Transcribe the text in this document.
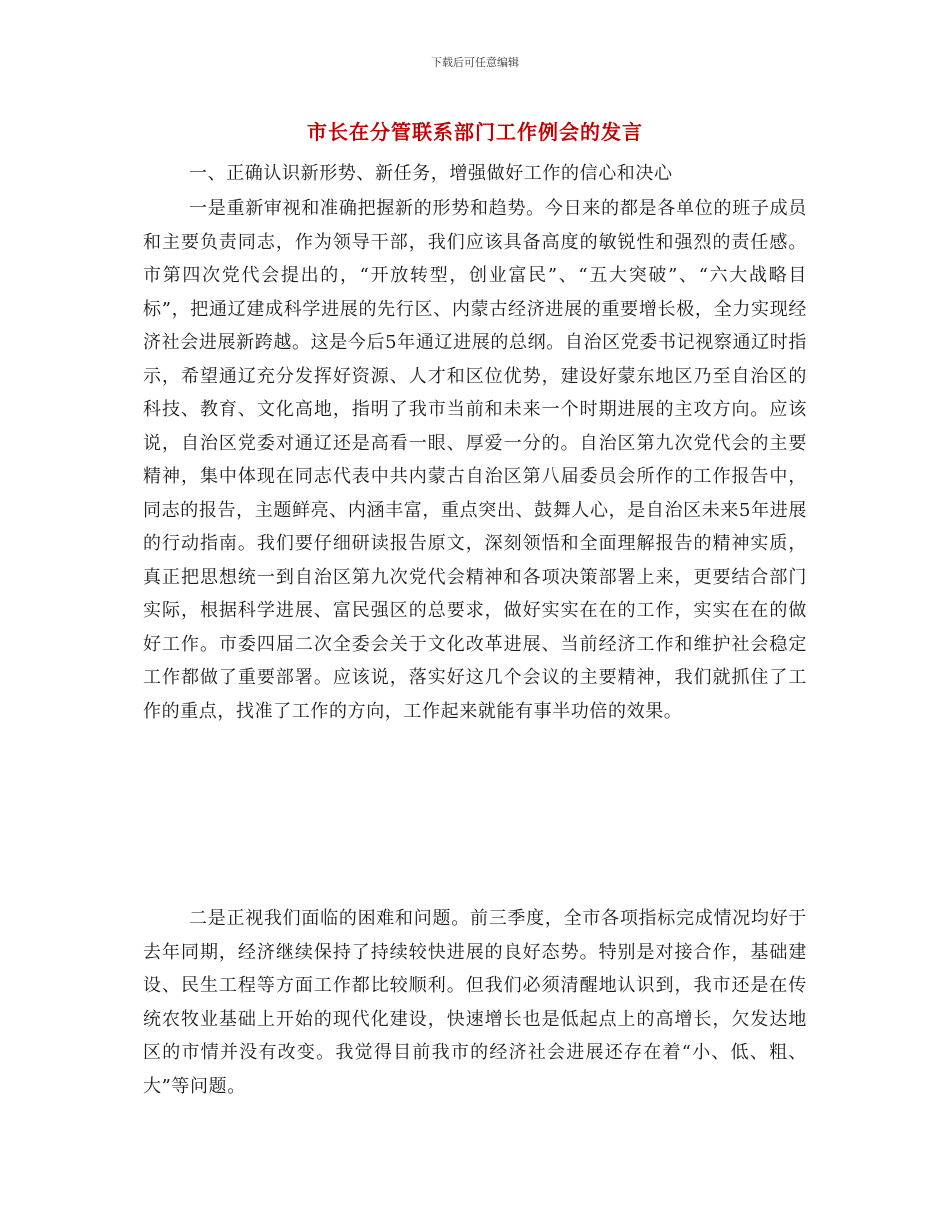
下载后可任意编辑
市长在分管联系部门工作例会的发言

一、正确认识新形势、新任务，增强做好工作的信心和决心

一是重新审视和准确把握新的形势和趋势。今日来的都是各单位的班子成员和主要负责同志，作为领导干部，我们应该具备高度的敏锐性和强烈的责任感。市第四次党代会提出的，“开放转型，创业富民”、“五大突破”、“六大战略目标”，把通辽建成科学进展的先行区、内蒙古经济进展的重要增长极，全力实现经济社会进展新跨越。这是今后5年通辽进展的总纲。自治区党委书记视察通辽时指示，希望通辽充分发挥好资源、人才和区位优势，建设好蒙东地区乃至自治区的科技、教育、文化高地，指明了我市当前和未来一个时期进展的主攻方向。应该说，自治区党委对通辽还是高看一眼、厚爱一分的。自治区第九次党代会的主要精神，集中体现在同志代表中共内蒙古自治区第八届委员会所作的工作报告中，同志的报告，主题鲜亮、内涵丰富，重点突出、鼓舞人心，是自治区未来5年进展的行动指南。我们要仔细研读报告原文，深刻领悟和全面理解报告的精神实质，真正把思想统一到自治区第九次党代会精神和各项决策部署上来，更要结合部门实际，根据科学进展、富民强区的总要求，做好实实在在的工作，实实在在的做好工作。市委四届二次全委会关于文化改革进展、当前经济工作和维护社会稳定工作都做了重要部署。应该说，落实好这几个会议的主要精神，我们就抓住了工作的重点，找准了工作的方向，工作起来就能有事半功倍的效果。

二是正视我们面临的困难和问题。前三季度，全市各项指标完成情况均好于去年同期，经济继续保持了持续较快进展的良好态势。特别是对接合作，基础建设、民生工程等方面工作都比较顺利。但我们必须清醒地认识到，我市还是在传统农牧业基础上开始的现代化建设，快速增长也是低起点上的高增长，欠发达地区的市情并没有改变。我觉得目前我市的经济社会进展还存在着“小、低、粗、大”等问题。
